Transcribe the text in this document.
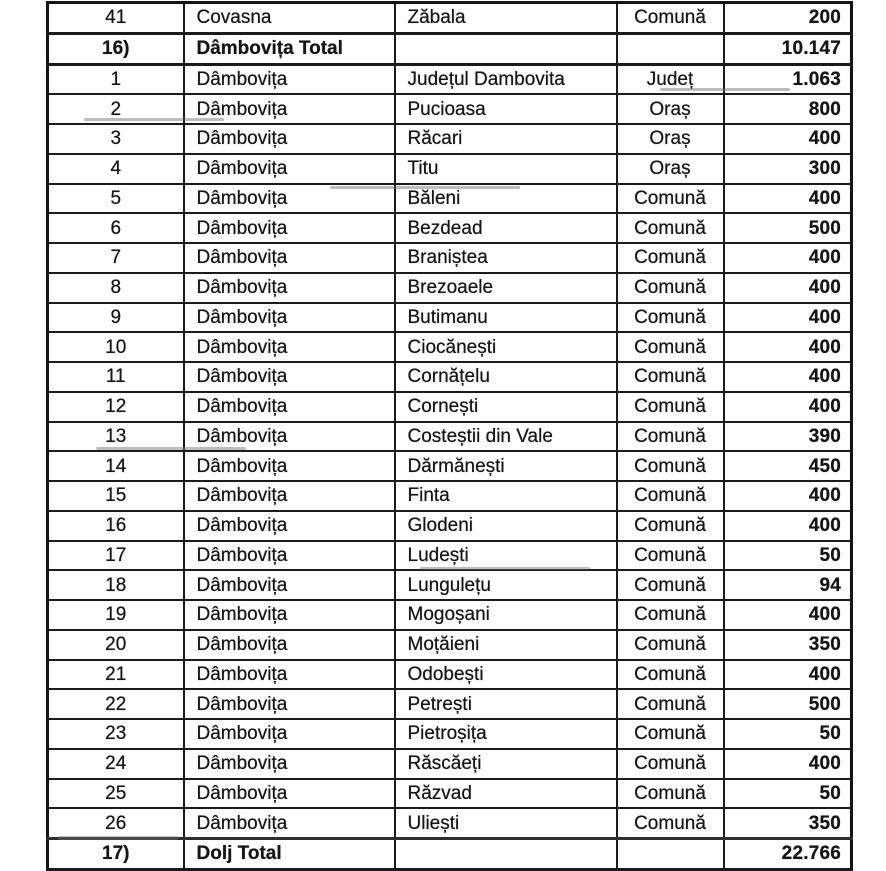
41	Covasna	Zăbala	Comună	200
16)	Dâmbovița Total			10.147
1	Dâmbovița	Județul Dambovita	Județ	1.063
2	Dâmbovița	Pucioasa	Oraș	800
3	Dâmbovița	Răcari	Oraș	400
4	Dâmbovița	Titu	Oraș	300
5	Dâmbovița	Băleni	Comună	400
6	Dâmbovița	Bezdead	Comună	500
7	Dâmbovița	Braniștea	Comună	400
8	Dâmbovița	Brezoaele	Comună	400
9	Dâmbovița	Butimanu	Comună	400
10	Dâmbovița	Ciocănești	Comună	400
11	Dâmbovița	Cornățelu	Comună	400
12	Dâmbovița	Cornești	Comună	400
13	Dâmbovița	Costeștii din Vale	Comună	390
14	Dâmbovița	Dărmănești	Comună	450
15	Dâmbovița	Finta	Comună	400
16	Dâmbovița	Glodeni	Comună	400
17	Dâmbovița	Ludești	Comună	50
18	Dâmbovița	Lungulețu	Comună	94
19	Dâmbovița	Mogoșani	Comună	400
20	Dâmbovița	Moțăieni	Comună	350
21	Dâmbovița	Odobești	Comună	400
22	Dâmbovița	Petrești	Comună	500
23	Dâmbovița	Pietroșița	Comună	50
24	Dâmbovița	Răscăeți	Comună	400
25	Dâmbovița	Răzvad	Comună	50
26	Dâmbovița	Uliești	Comună	350
17)	Dolj Total			22.766
